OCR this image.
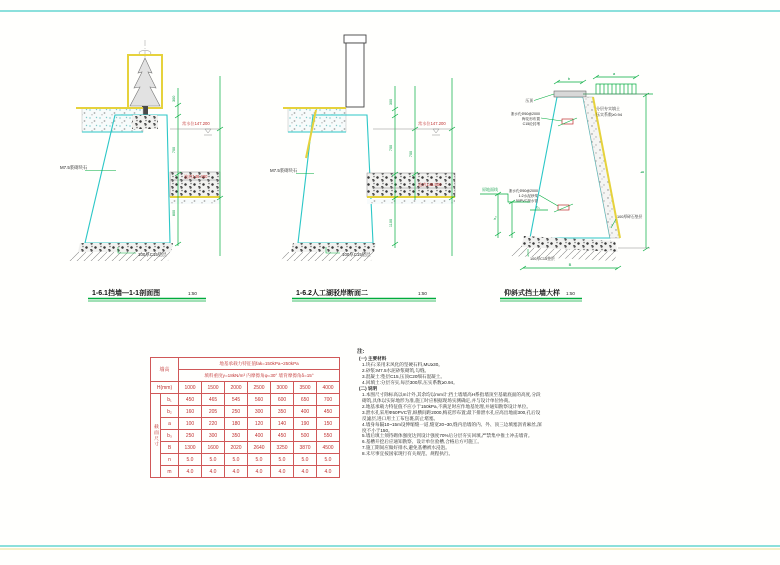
300
700
800
常水位147.200
池底146.400
M7.5浆砌块石
100厚C15垫层
1-6.1挡墙—1-1剖面图	1:50
300
700
700
1100
常水位147.200
池底146.500
M7.5浆砌块石
100厚C15垫层
1-6.2人工湖驳岸断面二	1:50
a
b
分层夯实填土
压实系数≥0.94
压顶
泄水孔Φ50@2000
梅花形布置
C15砼封堵
泄水孔Φ50@2000
1:2水泥砂浆
50PVC泄水管
原地面线
h₄
b₃
100厚碎石垫层
100厚C15垫层
h
B
仰斜式挡土墙大样 1:50
墙高		地基承载力特征值fak=150kPa~250kPa						
		填料重度γ=18kN/m³ 内摩擦角φ=30° 墙背摩擦角δ=15°						
H(mm)		1000	1500	2000	2500	3000	3500	4000
截面尺寸	b₁	450	465	545	560	600	650	700
	b₂	160	205	250	300	350	400	450
	a	100	220	180	120	140	190	150
	b₃	250	300	350	400	450	500	550
	B	1300	1600	2020	2640	3250	3870	4500
	n	5.0	5.0	5.0	5.0	5.0	5.0	5.0
	m	4.0	4.0	4.0	4.0	4.0	4.0	4.0
注:
(一) 主要材料
1.块石:采用未风化的坚硬石料,MU≥30。
2.砂浆:M7.5水泥砂浆砌筑,勾缝。
3.混凝土:垫层C15,压顶C20细石混凝土。
4.回填土:分层夯实,每层300厚,压实系数≥0.94。
(二) 说明
1.本图尺寸除标高以m计外,其余均以mm计;挡土墙墙高H系指墙顶至基础底面的高度,分段砌筑,具体以实际地形为准,施工时应根据现场实测确定,并与设计单位协商。
2.地基承载力特征值不应小于150kPa,不满足时应作地基处理,并通知勘察设计单位。
3.泄水孔采用Φ50PVC管,纵横间距2000,梅花形布置;最下排泄水孔应高出地面300,孔后设反滤层,进口用土工布包裹,防止堵塞。
4.墙身每隔10~15m设伸缩缝一道,缝宽20~30,缝内沿墙的内、外、顶三边填塞沥青麻丝,深度不小于150。
5.墙后填土须待砌体强度达到设计强度70%后分层夯实回填,严禁集中推土冲击墙背。
6.基槽开挖后应通知勘察、设计单位验槽,合格后方可施工。
7.施工期间应做好排水,避免基槽被水浸泡。
8.未尽事宜按国家现行有关规范、规程执行。
